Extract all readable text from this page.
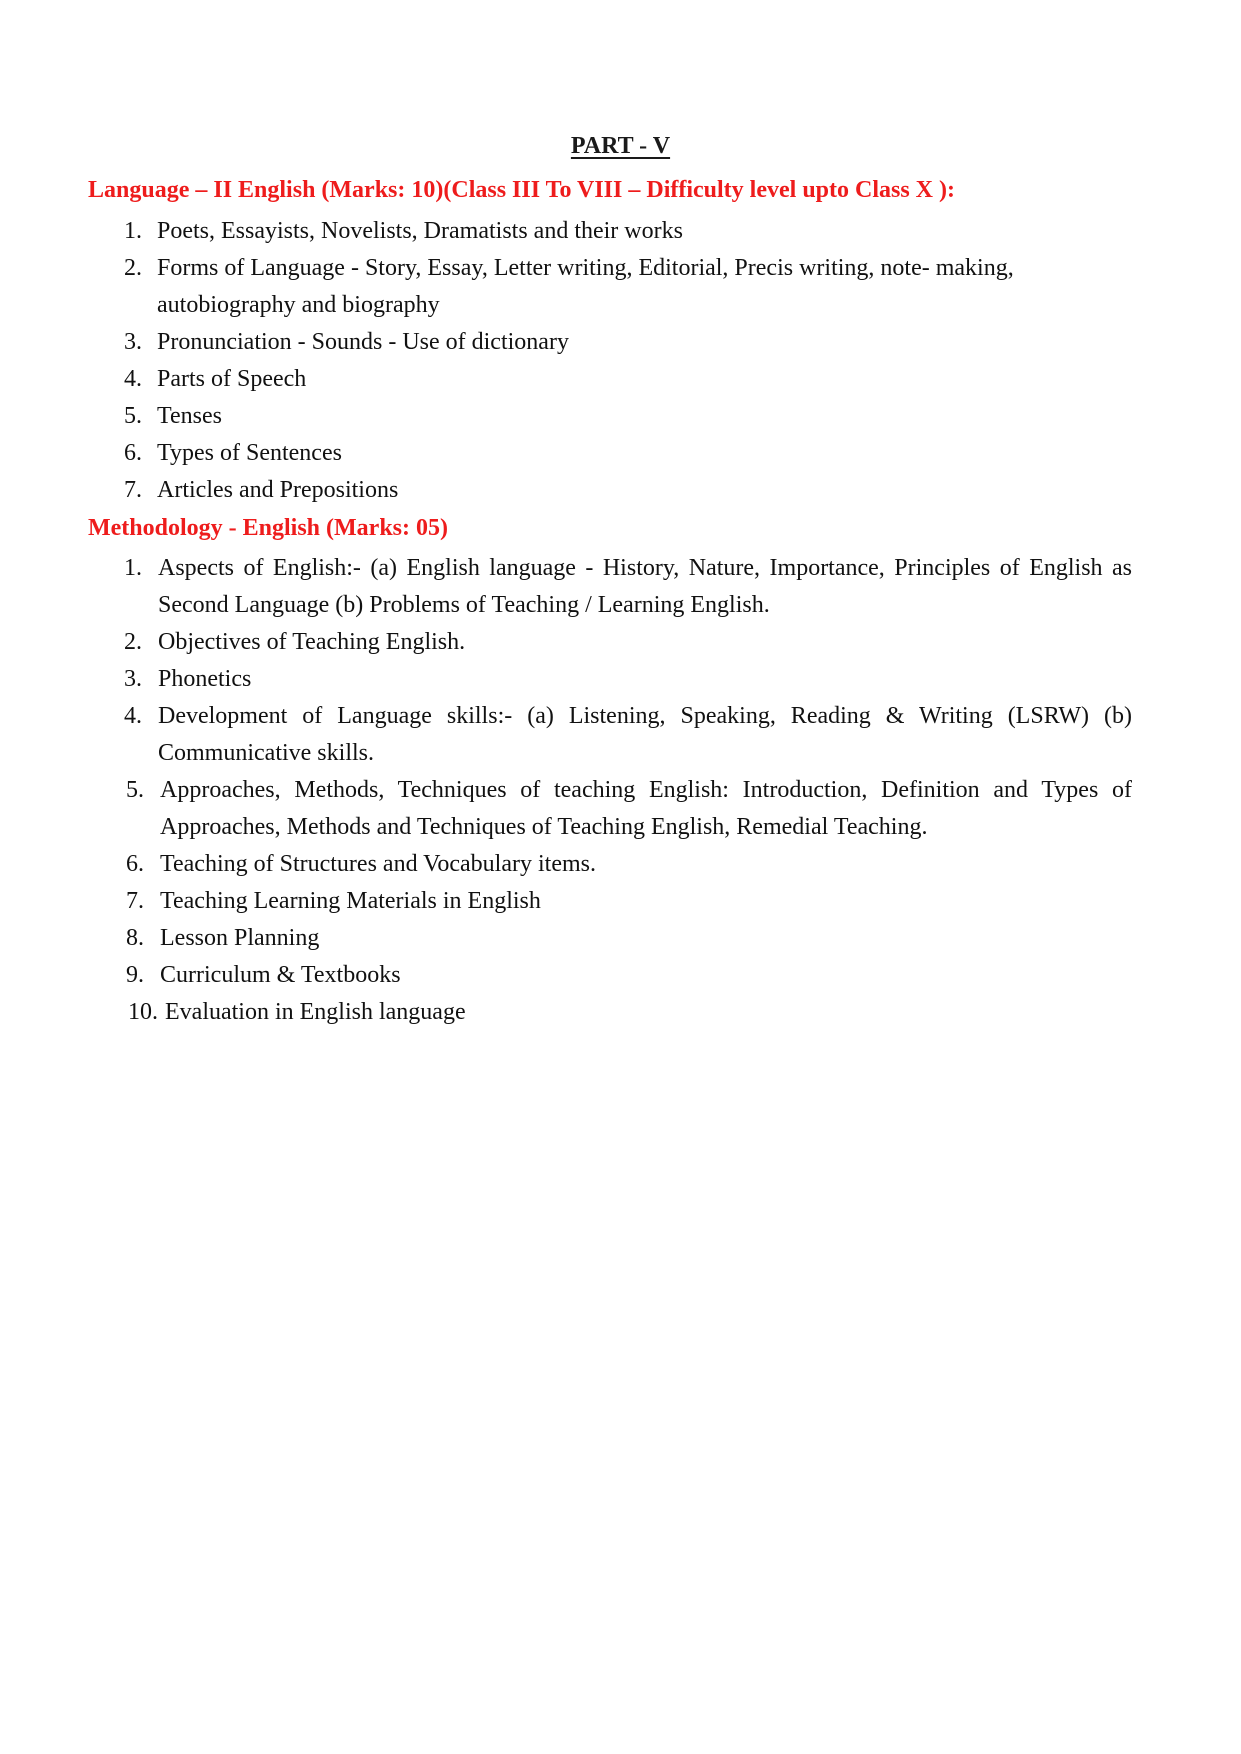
PART - V
Language – II English (Marks: 10)(Class III To VIII – Difficulty level upto Class X ):
1. Poets, Essayists, Novelists, Dramatists and their works
2. Forms of Language - Story, Essay, Letter writing, Editorial, Precis writing, note- making,
autobiography and biography
3. Pronunciation - Sounds - Use of dictionary
4. Parts of Speech
5. Tenses
6. Types of Sentences
7. Articles and Prepositions
Methodology - English (Marks: 05)
1. Aspects of English:- (a) English language - History, Nature, Importance, Principles of English as
Second Language (b) Problems of Teaching / Learning English.
2. Objectives of Teaching English.
3. Phonetics
4. Development of Language skills:- (a) Listening, Speaking, Reading & Writing (LSRW) (b)
Communicative skills.
5. Approaches, Methods, Techniques of teaching English: Introduction, Definition and Types of
Approaches, Methods and Techniques of Teaching English, Remedial Teaching.
6. Teaching of Structures and Vocabulary items.
7. Teaching Learning Materials in English
8. Lesson Planning
9. Curriculum & Textbooks
10. Evaluation in English language
